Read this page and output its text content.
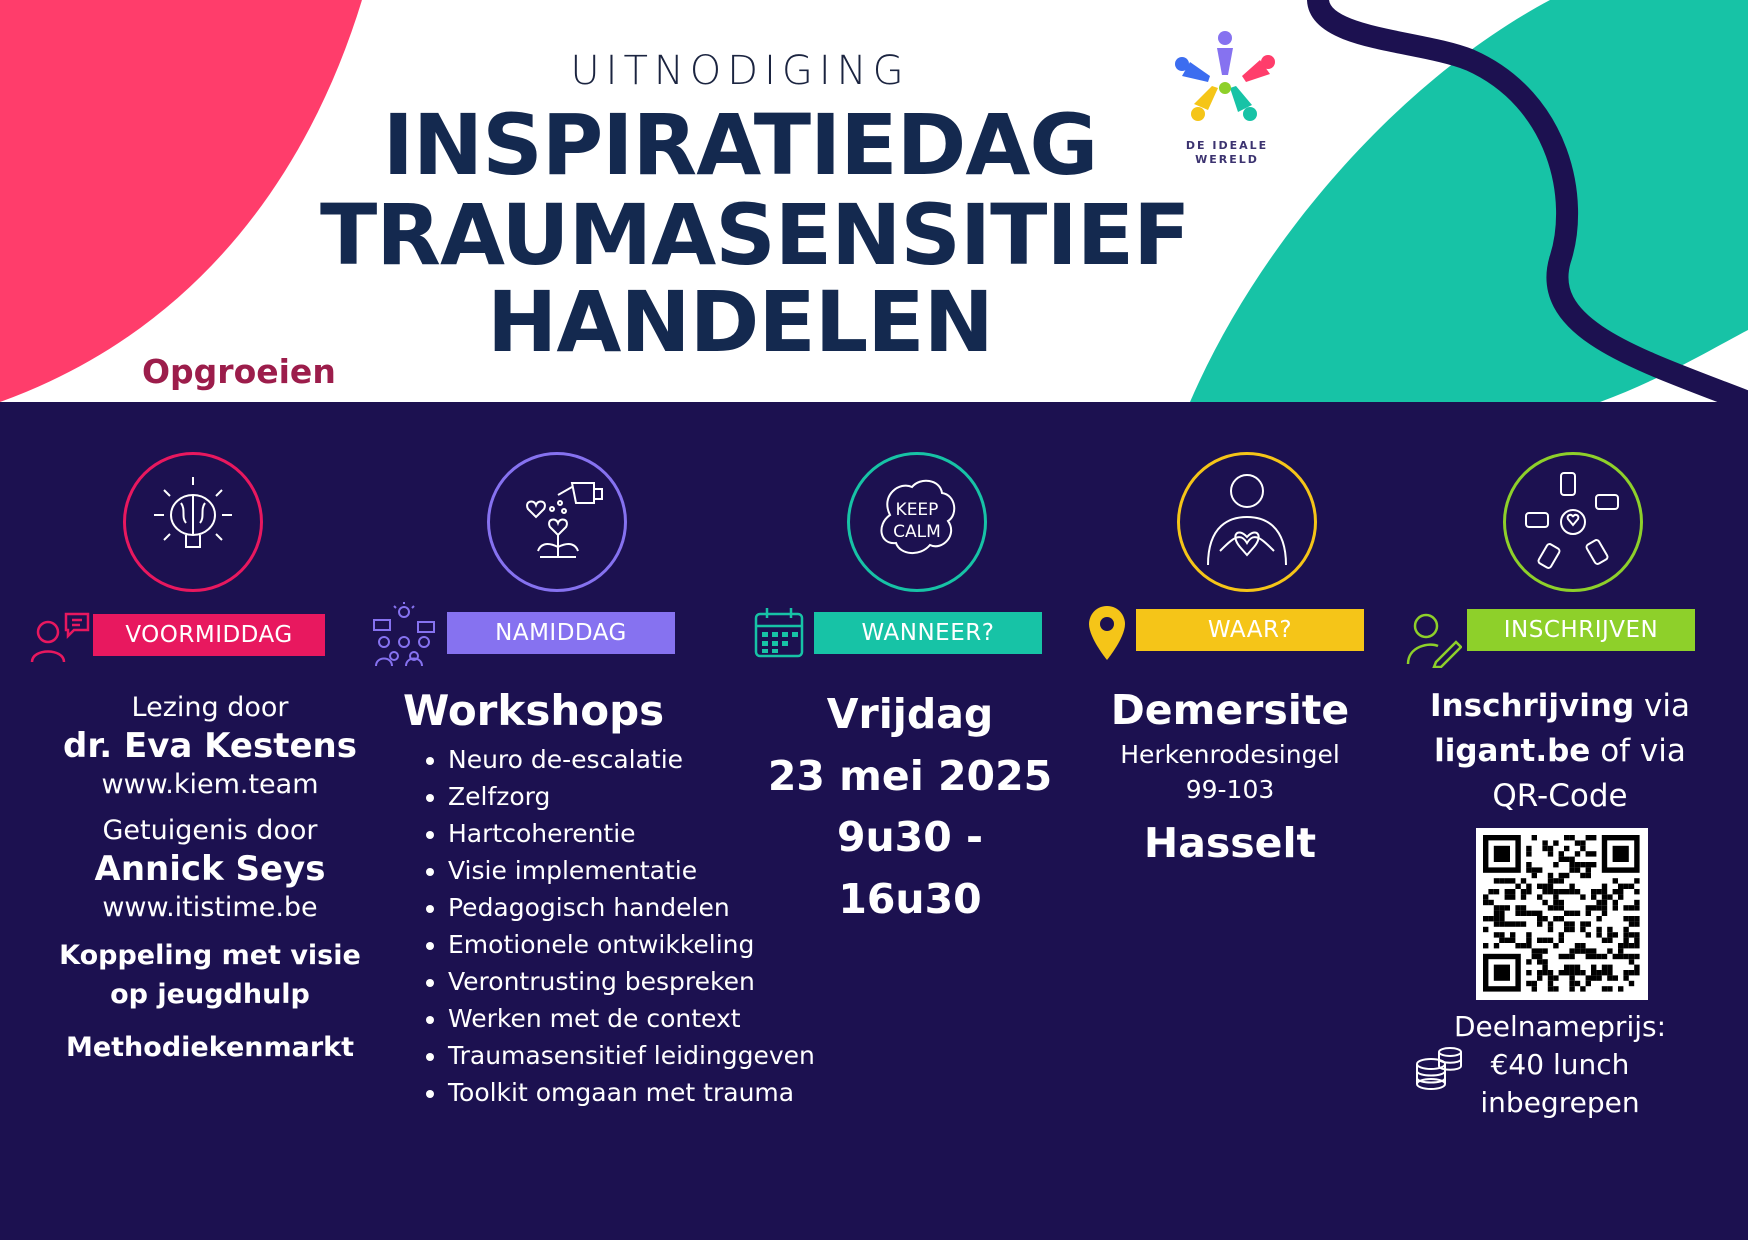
UITNODIGING
INSPIRATIEDAG
TRAUMASENSITIEF
HANDELEN
Opgroeien
DE IDEALE
WERELD
VOORMIDDAG
Lezing door
dr. Eva Kestens
www.kiem.team
Getuigenis door
Annick Seys
www.itistime.be
Koppeling met visie
op jeugdhulp
Methodiekenmarkt
NAMIDDAG
Workshops
• Neuro de-escalatie
• Zelfzorg
• Hartcoherentie
• Visie implementatie
• Pedagogisch handelen
• Emotionele ontwikkeling
• Verontrusting bespreken
• Werken met de context
• Traumasensitief leidinggeven
• Toolkit omgaan met trauma
KEEP
CALM
WANNEER?
Vrijdag
23 mei 2025
9u30 - 16u30
WAAR?
Demersite
Herkenrodesingel
99-103
Hasselt
INSCHRIJVEN
Inschrijving via
ligant.be of via
QR-Code
Deelnameprijs:
€40 lunch
inbegrepen
